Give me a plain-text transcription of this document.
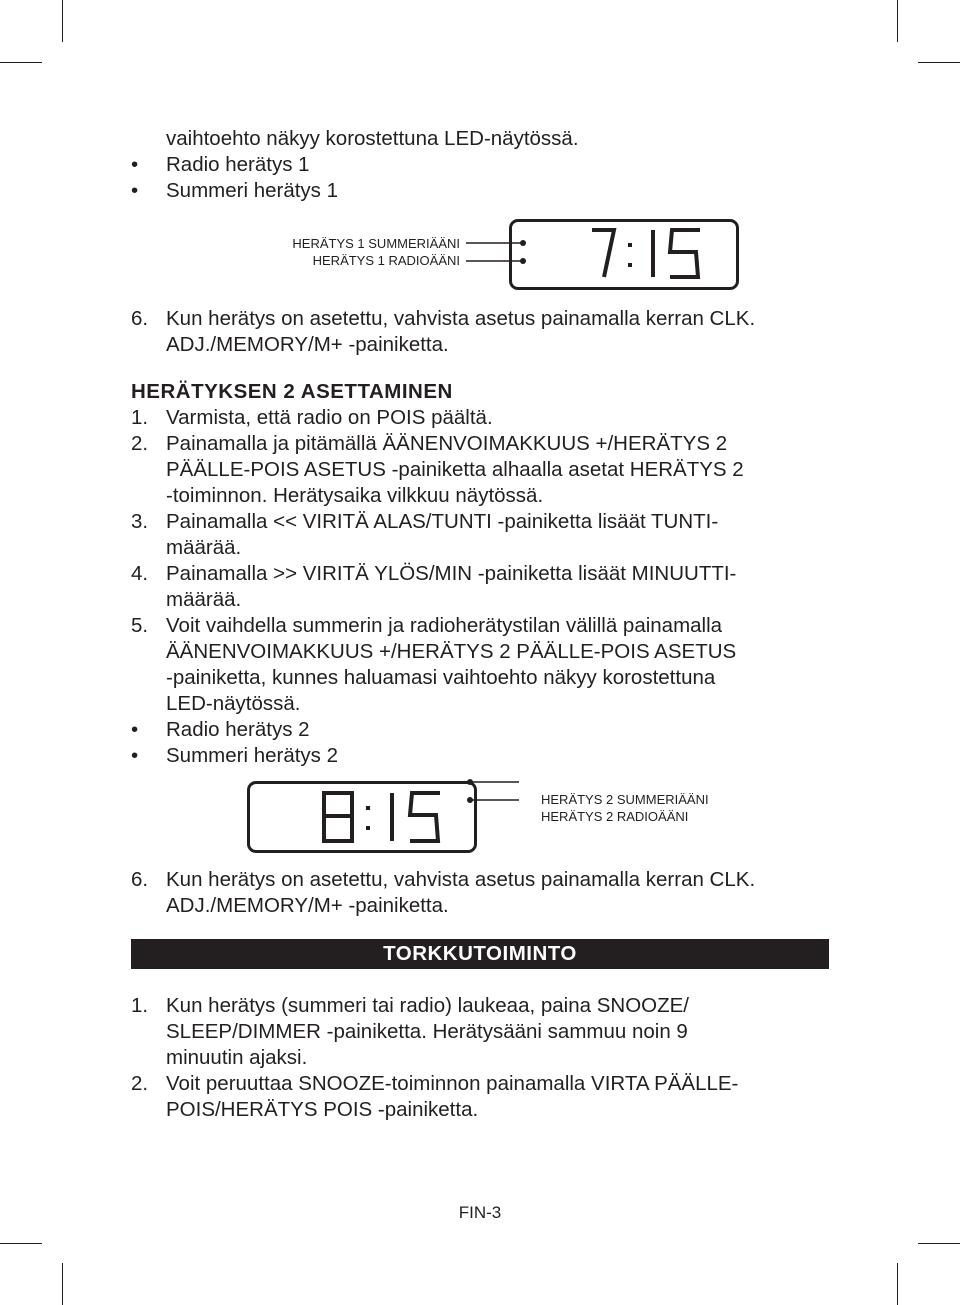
vaihtoehto näkyy korostettuna LED-näytössä.
• Radio herätys 1
• Summeri herätys 1
HERÄTYS 1 SUMMERIÄÄNI
HERÄTYS 1 RADIOÄÄNI
6. Kun herätys on asetettu, vahvista asetus painamalla kerran CLK.
ADJ./MEMORY/M+ -painiketta.
HERÄTYKSEN 2 ASETTAMINEN
1. Varmista, että radio on POIS päältä.
2. Painamalla ja pitämällä ÄÄNENVOIMAKKUUS +/HERÄTYS 2
PÄÄLLE-POIS ASETUS -painiketta alhaalla asetat HERÄTYS 2
-toiminnon. Herätysaika vilkkuu näytössä.
3. Painamalla << VIRITÄ ALAS/TUNTI -painiketta lisäät TUNTI-
määrää.
4. Painamalla >> VIRITÄ YLÖS/MIN -painiketta lisäät MINUUTTI-
määrää.
5. Voit vaihdella summerin ja radioherätystilan välillä painamalla
ÄÄNENVOIMAKKUUS +/HERÄTYS 2 PÄÄLLE-POIS ASETUS
-painiketta, kunnes haluamasi vaihtoehto näkyy korostettuna
LED-näytössä.
• Radio herätys 2
• Summeri herätys 2
HERÄTYS 2 SUMMERIÄÄNI
HERÄTYS 2 RADIOÄÄNI
6. Kun herätys on asetettu, vahvista asetus painamalla kerran CLK.
ADJ./MEMORY/M+ -painiketta.
TORKKUTOIMINTO
1. Kun herätys (summeri tai radio) laukeaa, paina SNOOZE/
SLEEP/DIMMER -painiketta. Herätysääni sammuu noin 9
minuutin ajaksi.
2. Voit peruuttaa SNOOZE-toiminnon painamalla VIRTA PÄÄLLE-
POIS/HERÄTYS POIS -painiketta.
FIN-3
